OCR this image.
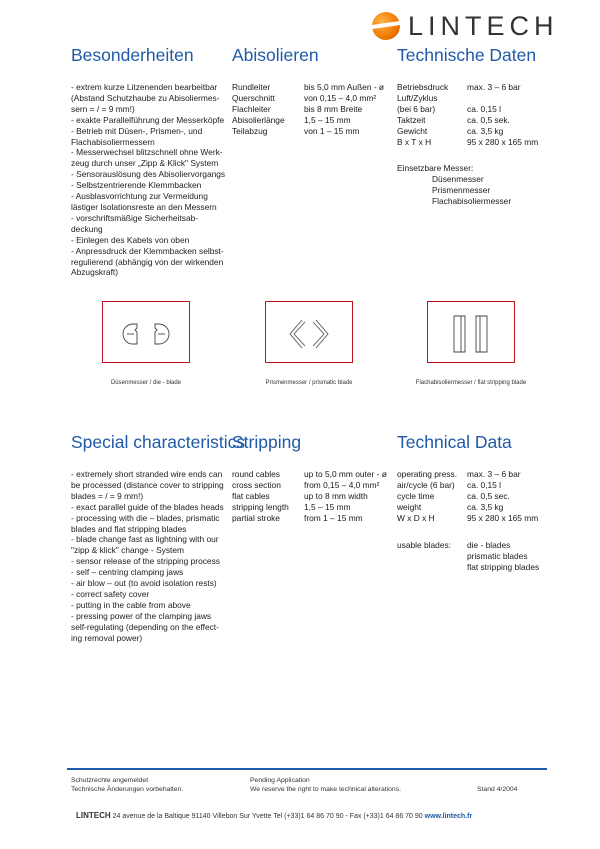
LINTECH
Besonderheiten Abisolieren	Technische Daten
- extrem kurze Litzenenden bearbeitbar
(Abstand Schutzhaube zu Abisoliermes-
sern = / = 9 mm!)
- exakte Parallelführung der Messerköpfe
- Betrieb mit Düsen-, Prismen-, und
Flachabisoliermessern
- Messerwechsel blitzschnell ohne Werk-
zeug durch unser „Zipp & Klick" System
- Sensorauslösung des Abisoliervorgangs
- Selbstzentrierende Klemmbacken
- Ausblasvorrichtung zur Vermeidung
lästiger Isolationsreste an den Messern
- vorschriftsmäßige Sicherheitsab-
deckung
- Einlegen des Kabels von oben
- Anpressdruck der Klemmbacken selbst-
regulierend (abhängig von der wirkenden
Abzugskraft)
Rundleiter	bis 5,0 mm Außen - ø
Querschnitt	von 0,15 – 4,0 mm²
Flachleiter	bis 8 mm Breite
Abisolierlänge 1,5 – 15 mm
Teilabzug	von 1 – 15 mm
Betriebsdruck max. 3 – 6 bar
Luft/Zyklus
(bei 6 bar)	ca. 0,15 l
Taktzeit	ca. 0,5 sek.
Gewicht	ca. 3,5 kg
B x T x H	95 x 280 x 165 mm
Einsetzbare Messer:
Düsenmesser
Prismenmesser
Flachabisoliermesser
Düsenmesser / die - blade	Prismenmesser / prismatic blade	Flachabisoliermesser / flat stripping blade
Special characteristics
Stripping	Technical Data
- extremely short stranded wire ends can
be processed (distance cover to stripping
blades = / = 9 mm!)
- exact parallel guide of the blades heads
- processing with die – blades, prismatic
blades and flat stripping blades
- blade change fast as lightning with our
"zipp & klick" change - System
- sensor release of the stripping process
- self – centring clamping jaws
- air blow – out (to avoid isolation rests)
- correct safety cover
- putting in the cable from above
- pressing power of the clamping jaws
self-regulating (depending on the effect-
ing removal power)
round cables	up to 5,0 mm outer - ø
cross section	from 0,15 – 4,0 mm²
flat cables	up to 8 mm width
stripping length 1,5 – 15 mm
partial stroke	from 1 – 15 mm
operating press. max. 3 – 6 bar
air/cycle (6 bar) ca. 0,15 l
cycle time	ca. 0,5 sec.
weight	ca. 3,5 kg
W x D x H	95 x 280 x 165 mm
usable blades: die - blades
prismatic blades
flat stripping blades
Schutzrechte angemeldet
Technische Änderungen vorbehalten.
Pending Application
We reserve the right to make technical alterations.	Stand 4/2004
LINTECH 24 avenue de la Baltique 91140 Villebon Sur Yvette Tel (+33)1 64 86 70 90 - Fax (+33)1 64 86 70 90 www.lintech.fr
